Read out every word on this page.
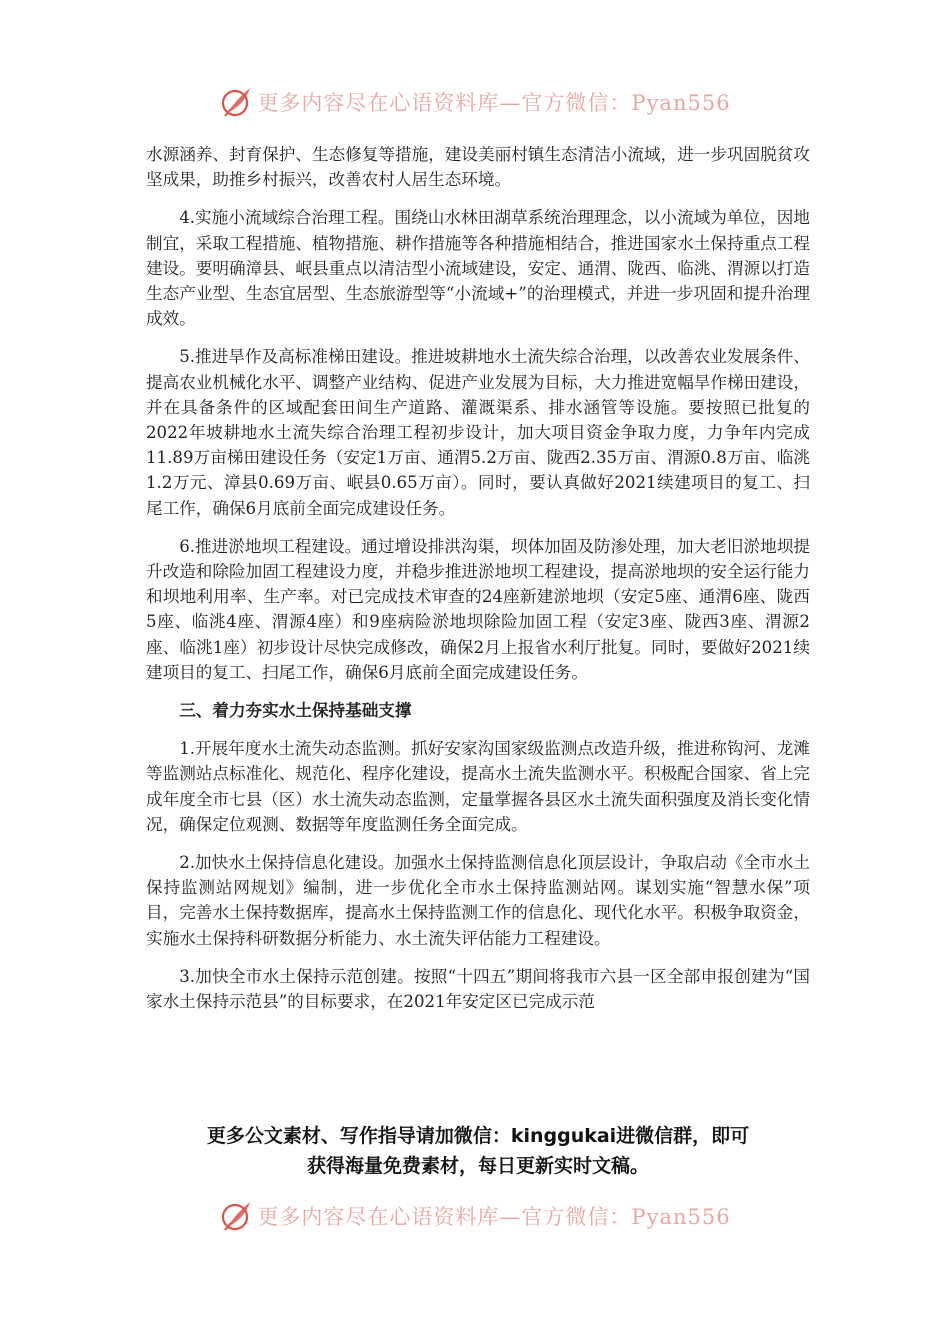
更多内容尽在心语资料库—官方微信：Pyan556

水源涵养、封育保护、生态修复等措施，建设美丽村镇生态清洁小流域，进一步巩固脱贫攻坚成果，助推乡村振兴，改善农村人居生态环境。

4.实施小流域综合治理工程。围绕山水林田湖草系统治理理念，以小流域为单位，因地制宜，采取工程措施、植物措施、耕作措施等各种措施相结合，推进国家水土保持重点工程建设。要明确漳县、岷县重点以清洁型小流域建设，安定、通渭、陇西、临洮、渭源以打造生态产业型、生态宜居型、生态旅游型等“小流域+”的治理模式，并进一步巩固和提升治理成效。

5.推进旱作及高标准梯田建设。推进坡耕地水土流失综合治理，以改善农业发展条件、提高农业机械化水平、调整产业结构、促进产业发展为目标，大力推进宽幅旱作梯田建设，并在具备条件的区域配套田间生产道路、灌溉渠系、排水涵管等设施。要按照已批复的2022年坡耕地水土流失综合治理工程初步设计，加大项目资金争取力度，力争年内完成11.89万亩梯田建设任务（安定1万亩、通渭5.2万亩、陇西2.35万亩、渭源0.8万亩、临洮1.2万元、漳县0.69万亩、岷县0.65万亩）。同时，要认真做好2021续建项目的复工、扫尾工作，确保6月底前全面完成建设任务。

6.推进淤地坝工程建设。通过增设排洪沟渠，坝体加固及防渗处理，加大老旧淤地坝提升改造和除险加固工程建设力度，并稳步推进淤地坝工程建设，提高淤地坝的安全运行能力和坝地利用率、生产率。对已完成技术审查的24座新建淤地坝（安定5座、通渭6座、陇西5座、临洮4座、渭源4座）和9座病险淤地坝除险加固工程（安定3座、陇西3座、渭源2座、临洮1座）初步设计尽快完成修改，确保2月上报省水利厅批复。同时，要做好2021续建项目的复工、扫尾工作，确保6月底前全面完成建设任务。

三、着力夯实水土保持基础支撑

1.开展年度水土流失动态监测。抓好安家沟国家级监测点改造升级，推进称钩河、龙滩等监测站点标准化、规范化、程序化建设，提高水土流失监测水平。积极配合国家、省上完成年度全市七县（区）水土流失动态监测，定量掌握各县区水土流失面积强度及消长变化情况，确保定位观测、数据等年度监测任务全面完成。

2.加快水土保持信息化建设。加强水土保持监测信息化顶层设计，争取启动《全市水土保持监测站网规划》编制，进一步优化全市水土保持监测站网。谋划实施“智慧水保”项目，完善水土保持数据库，提高水土保持监测工作的信息化、现代化水平。积极争取资金，实施水土保持科研数据分析能力、水土流失评估能力工程建设。

3.加快全市水土保持示范创建。按照“十四五”期间将我市六县一区全部申报创建为“国家水土保持示范县”的目标要求，在2021年安定区已完成示范

更多公文素材、写作指导请加微信：kinggukai进微信群，即可
获得海量免费素材，每日更新实时文稿。
更多内容尽在心语资料库—官方微信：Pyan556
